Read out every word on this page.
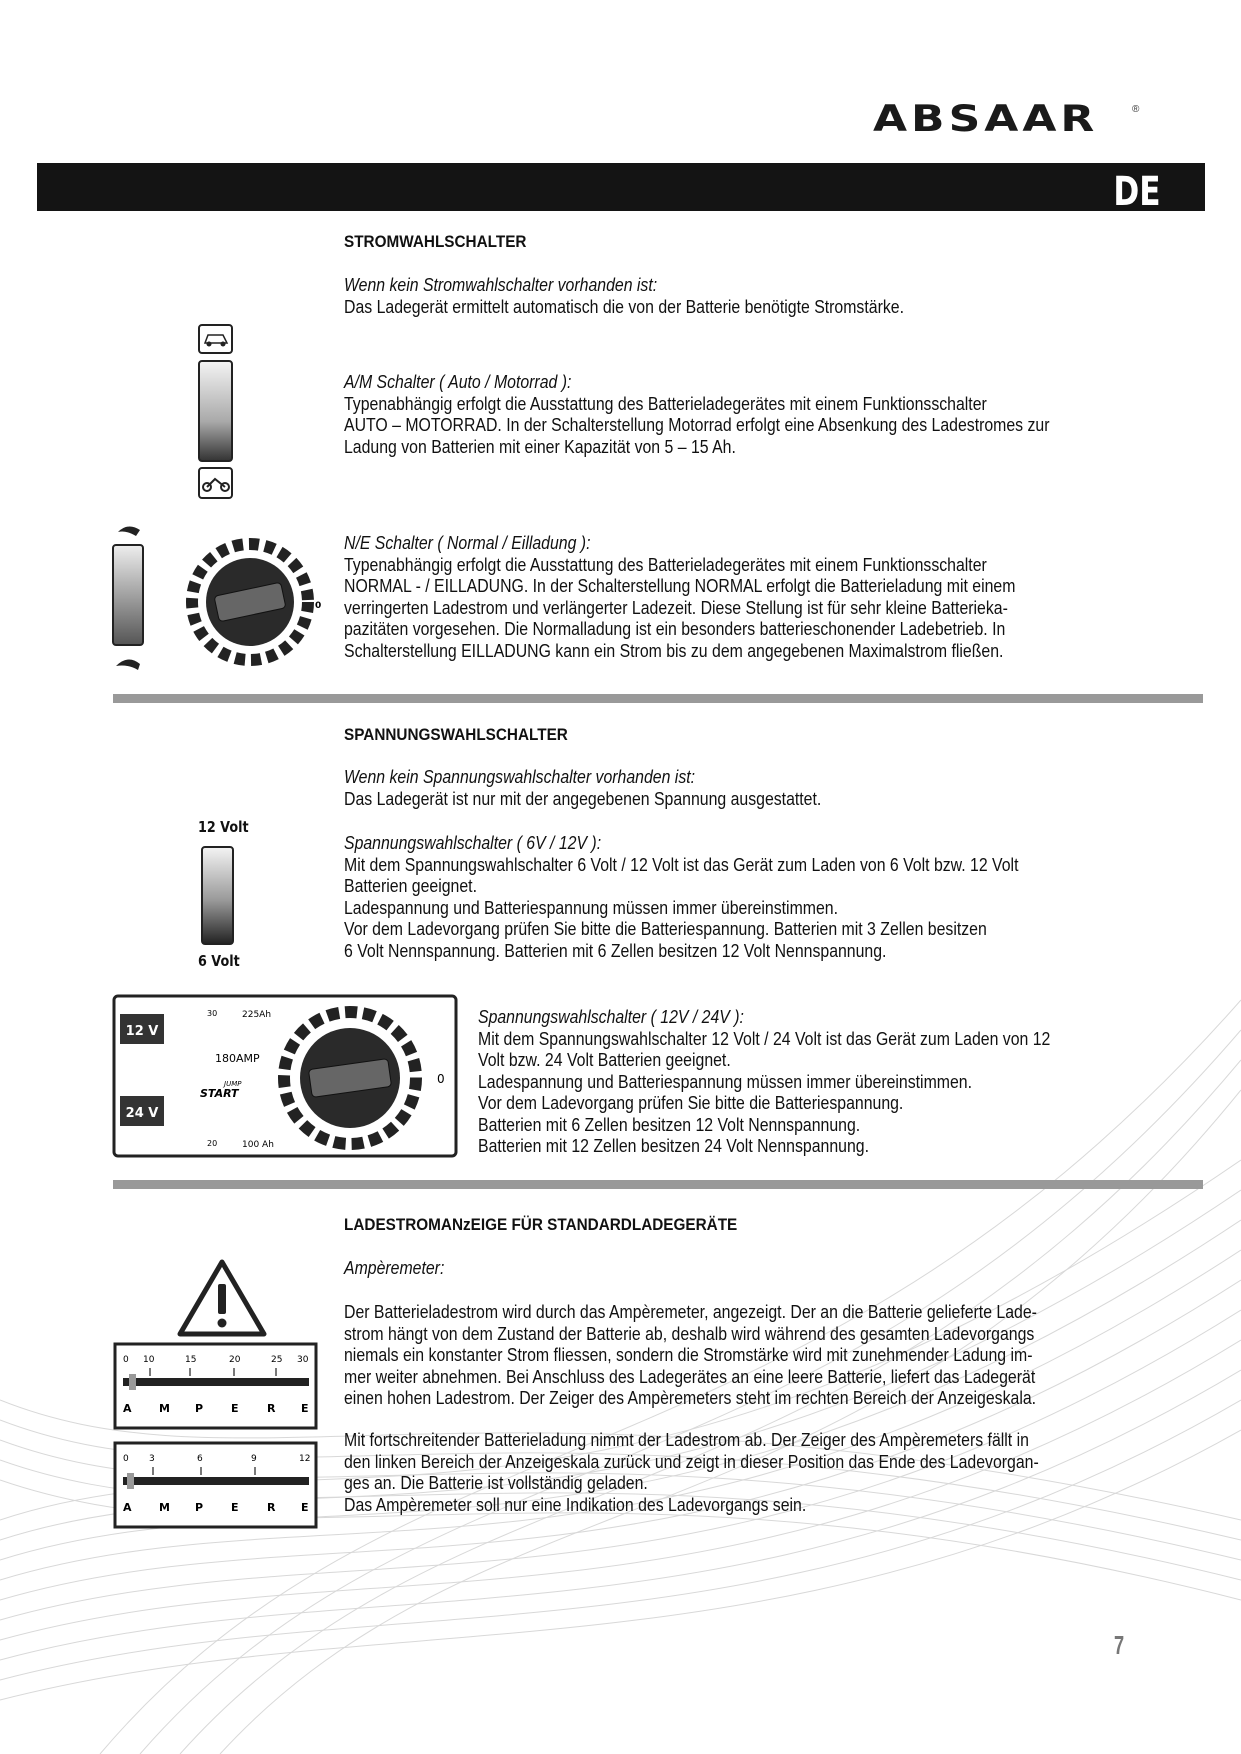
ABSAAR	®
DE
STROMWAHLSCHALTER
Wenn kein Stromwahlschalter vorhanden ist:
Das Ladegerät ermittelt automatisch die von der Batterie benötigte Stromstärke.
A/M Schalter ( Auto / Motorrad ):
Typenabhängig erfolgt die Ausstattung des Batterieladegerätes mit einem Funktionsschalter
AUTO – MOTORRAD. In der Schalterstellung Motorrad erfolgt eine Absenkung des Ladestromes zur
Ladung von Batterien mit einer Kapazität von 5 – 15 Ah.
N/E Schalter ( Normal / Eilladung ):
Typenabhängig erfolgt die Ausstattung des Batterieladegerätes mit einem Funktionsschalter
NORMAL - / EILLADUNG. In der Schalterstellung NORMAL erfolgt die Batterieladung mit einem
verringerten Ladestrom und verlängerter Ladezeit. Diese Stellung ist für sehr kleine Batterieka-
pazitäten vorgesehen. Die Normalladung ist ein besonders batterieschonender Ladebetrieb. In
Schalterstellung EILLADUNG kann ein Strom bis zu dem angegebenen Maximalstrom fließen.
0
SPANNUNGSWAHLSCHALTER
Wenn kein Spannungswahlschalter vorhanden ist:
Das Ladegerät ist nur mit der angegebenen Spannung ausgestattet.
Spannungswahlschalter ( 6V / 12V ):
Mit dem Spannungswahlschalter 6 Volt / 12 Volt ist das Gerät zum Laden von 6 Volt bzw. 12 Volt
Batterien geeignet.
Ladespannung und Batteriespannung müssen immer übereinstimmen.
Vor dem Ladevorgang prüfen Sie bitte die Batteriespannung. Batterien mit 3 Zellen besitzen
6 Volt Nennspannung. Batterien mit 6 Zellen besitzen 12 Volt Nennspannung.
12 Volt
6 Volt
12 V
30	225Ah
180AMP
JUMP
START
24 V
20	100 Ah
0
Spannungswahlschalter ( 12V / 24V ):
Mit dem Spannungswahlschalter 12 Volt / 24 Volt ist das Gerät zum Laden von 12
Volt bzw. 24 Volt Batterien geeignet.
Ladespannung und Batteriespannung müssen immer übereinstimmen.
Vor dem Ladevorgang prüfen Sie bitte die Batteriespannung.
Batterien mit 6 Zellen besitzen 12 Volt Nennspannung.
Batterien mit 12 Zellen besitzen 24 Volt Nennspannung.
LADESTROMANzEIGE FÜR STANDARDLADEGERÄTE
Ampèremeter:
Der Batterieladestrom wird durch das Ampèremeter, angezeigt. Der an die Batterie gelieferte Lade-
strom hängt von dem Zustand der Batterie ab, deshalb wird während des gesamten Ladevorgangs
niemals ein konstanter Strom fliessen, sondern die Stromstärke wird mit zunehmender Ladung im-
mer weiter abnehmen. Bei Anschluss des Ladegerätes an eine leere Batterie, liefert das Ladegerät
einen hohen Ladestrom. Der Zeiger des Ampèremeters steht im rechten Bereich der Anzeigeskala.
Mit fortschreitender Batterieladung nimmt der Ladestrom ab. Der Zeiger des Ampèremeters fällt in
den linken Bereich der Anzeigeskala zurück und zeigt in dieser Position das Ende des Ladevorgan-
ges an. Die Batterie ist vollständig geladen.
Das Ampèremeter soll nur eine Indikation des Ladevorgangs sein.
0 10	15	20	25 30
A M P	E	R E
0 3	6	9	12
A M P	E	R E
7
